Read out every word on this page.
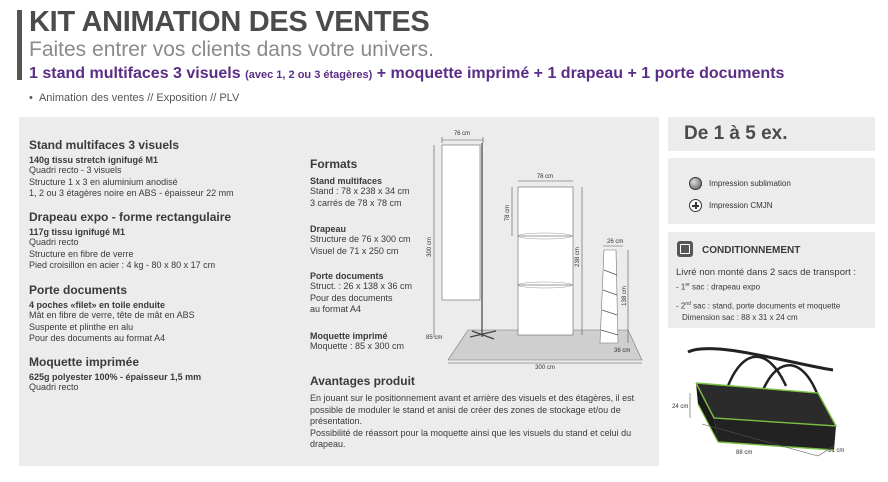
KIT ANIMATION DES VENTES
Faites entrer vos clients dans votre univers.
1 stand multifaces 3 visuels (avec 1, 2 ou 3 étagères) + moquette imprimé + 1 drapeau + 1 porte documents
•  Animation des ventes // Exposition // PLV
Stand multifaces 3 visuels
140g tissu stretch ignifugé M1
Quadri recto - 3 visuels
Structure 1 x 3 en aluminium anodisé
1, 2 ou 3 étagères noire en ABS - épaisseur 22 mm
Drapeau expo - forme rectangulaire
117g tissu ignifugé M1
Quadri recto
Structure en fibre de verre
Pied croisillon en acier : 4 kg - 80 x 80 x 17 cm
Porte documents
4 poches «filet» en toile enduite
Mât en fibre de verre, tête de mât en ABS
Suspente et plinthe en alu
Pour des documents au format A4
Moquette imprimée
625g polyester 100% - épaisseur 1,5 mm
Quadri recto
Formats
Stand multifaces
Stand : 78 x 238 x 34 cm
3 carrés de 78 x 78 cm
Drapeau
Structure de 76 x 300 cm
Visuel de 71 x 250 cm
Porte documents
Struct. : 26 x 138 x 36 cm
Pour des documents
au format A4
Moquette imprimé
Moquette : 85 x 300 cm
Avantages produit
En jouant sur le positionnement avant et arrière des visuels et des étagères, il est possible de moduler le stand et anisi de créer des zones de stockage et/ou de présentation.
Possibilité de réassort pour la moquette ainsi que les visuels du stand et celui du drapeau.
76 cm
300 cm
85 cm
78 cm
78 cm
238 cm
26 cm
138 cm
36 cm
300 cm
De 1 à 5 ex.
Impression sublimation
Impression CMJN
CONDITIONNEMENT
Livré non monté dans 2 sacs de transport :
- 1er sac : drapeau expo
- 2nd sac : stand, porte documents et moquette
Dimension sac : 88 x 31 x 24 cm
24 cm
88 cm	31 cm
